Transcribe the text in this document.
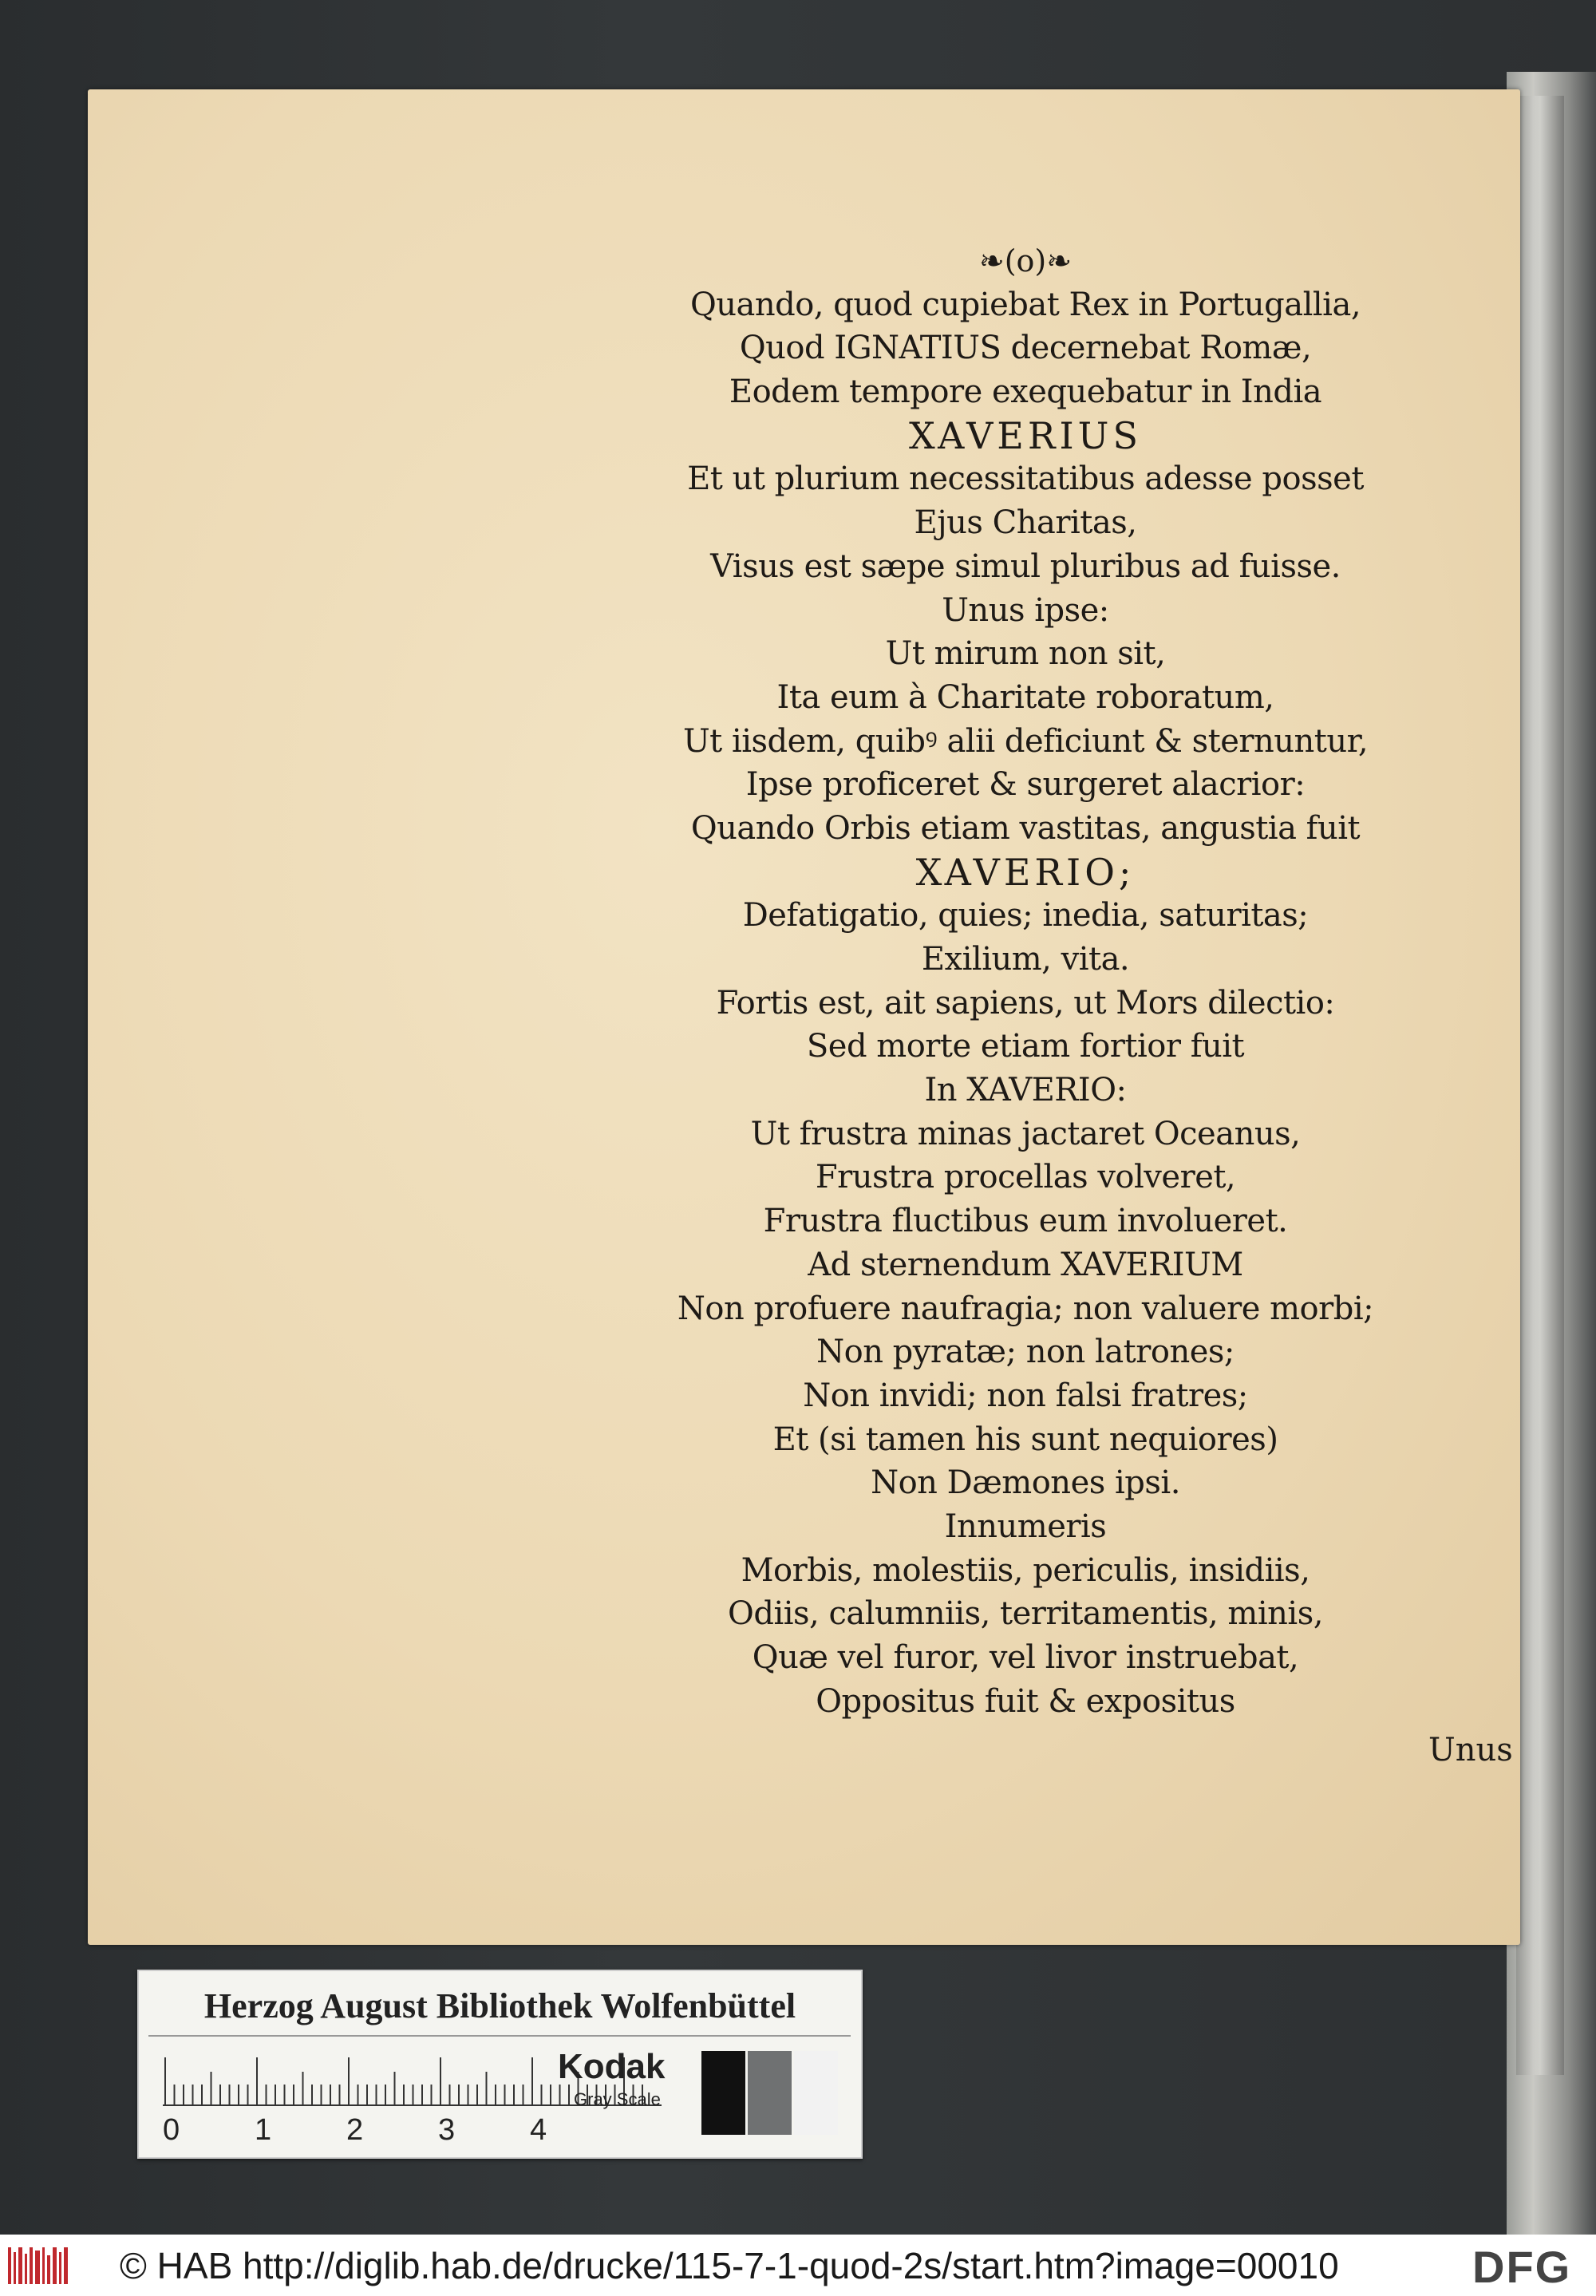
❧(o)❧
Quando, quod cupiebat Rex in Portugallia,
Quod IGNATIUS decernebat Romæ,
Eodem tempore exequebatur in India
XAVERIUS
Et ut plurium necessitatibus adesse posset
Ejus Charitas,
Visus est sæpe simul pluribus ad fuisse.
Unus ipse:
Ut mirum non sit,
Ita eum à Charitate roboratum,
Ut iisdem, quibꝰ alii deficiunt & sternuntur,
Ipse proficeret & surgeret alacrior:
Quando Orbis etiam vastitas, angustia fuit
XAVERIO;
Defatigatio, quies; inedia, saturitas;
Exilium, vita.
Fortis est, ait sapiens, ut Mors dilectio:
Sed morte etiam fortior fuit
In XAVERIO:
Ut frustra minas jactaret Oceanus,
Frustra procellas volveret,
Frustra fluctibus eum involueret.
Ad sternendum XAVERIUM
Non profuere naufragia; non valuere morbi;
Non pyratæ; non latrones;
Non invidi; non falsi fratres;
Et (si tamen his sunt nequiores)
Non Dæmones ipsi.
Innumeris
Morbis, molestiis, periculis, insidiis,
Odiis, calumniis, territamentis, minis,
Quæ vel furor, vel livor instruebat,
Oppositus fuit & expositus
Unus
Herzog August Bibliothek Wolfenbüttel
0 1 2 3 4
Kodak
Gray Scale
© HAB http://diglib.hab.de/drucke/115-7-1-quod-2s/start.htm?image=00010	DFG
